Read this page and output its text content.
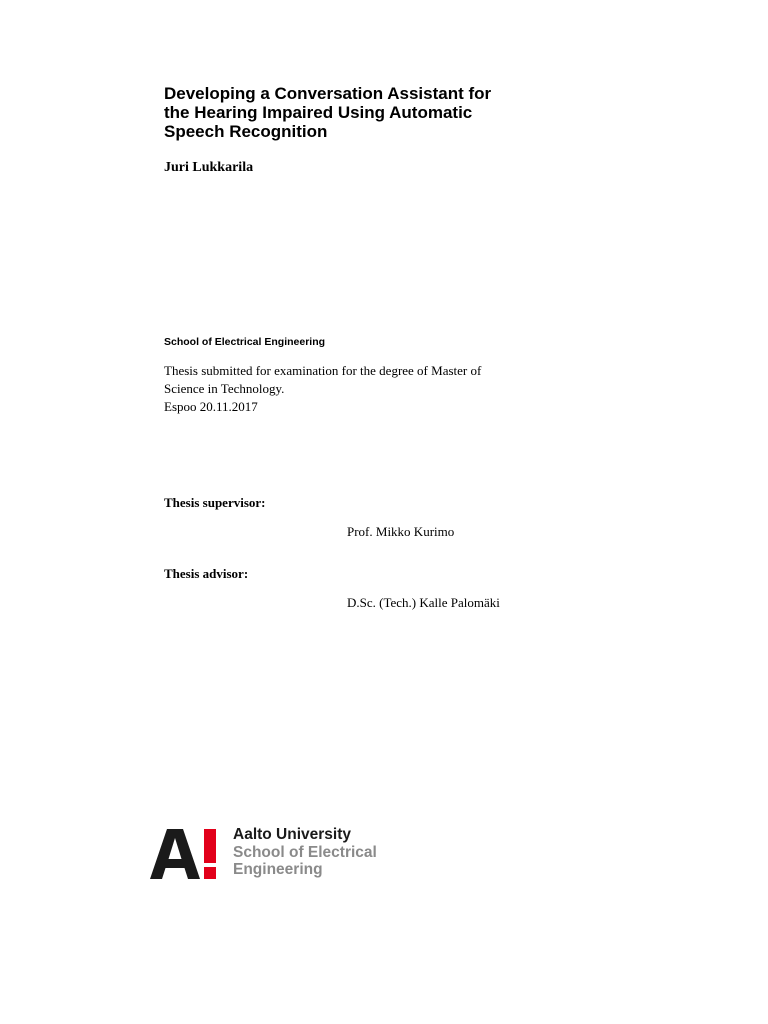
Developing a Conversation Assistant for
the Hearing Impaired Using Automatic
Speech Recognition
Juri Lukkarila
School of Electrical Engineering
Thesis submitted for examination for the degree of Master of
Science in Technology.
Espoo 20.11.2017
Thesis supervisor:
Prof. Mikko Kurimo
Thesis advisor:
D.Sc. (Tech.) Kalle Palomäki
Aalto University
School of Electrical
Engineering
